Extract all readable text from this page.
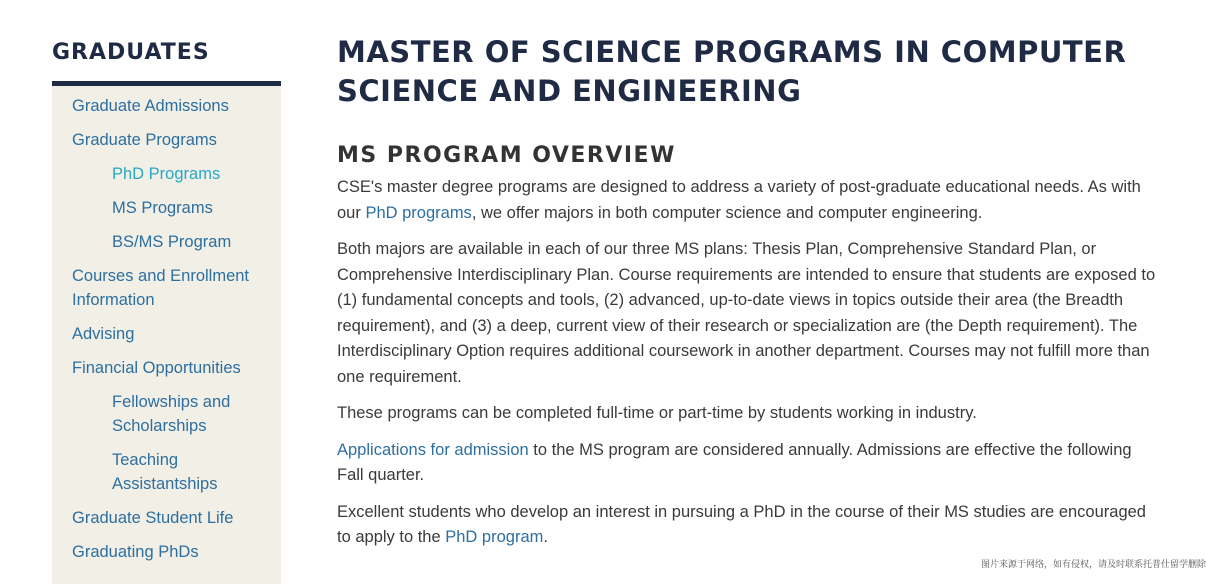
GRADUATES
Graduate Admissions
Graduate Programs
PhD Programs
MS Programs
BS/MS Program
Courses and Enrollment Information
Advising
Financial Opportunities
Fellowships and Scholarships
Teaching Assistantships
Graduate Student Life
Graduating PhDs
MASTER OF SCIENCE PROGRAMS IN COMPUTER SCIENCE AND ENGINEERING
MS PROGRAM OVERVIEW

CSE's master degree programs are designed to address a variety of post-graduate educational needs. As with our PhD programs, we offer majors in both computer science and computer engineering.

Both majors are available in each of our three MS plans: Thesis Plan, Comprehensive Standard Plan, or Comprehensive Interdisciplinary Plan. Course requirements are intended to ensure that students are exposed to (1) fundamental concepts and tools, (2) advanced, up-to-date views in topics outside their area (the Breadth requirement), and (3) a deep, current view of their research or specialization are (the Depth requirement). The Interdisciplinary Option requires additional coursework in another department. Courses may not fulfill more than one requirement.

These programs can be completed full-time or part-time by students working in industry.

Applications for admission to the MS program are considered annually. Admissions are effective the following Fall quarter.

Excellent students who develop an interest in pursuing a PhD in the course of their MS studies are encouraged to apply to the PhD program.

图片来源于网络，如有侵权，请及时联系托普仕留学删除
